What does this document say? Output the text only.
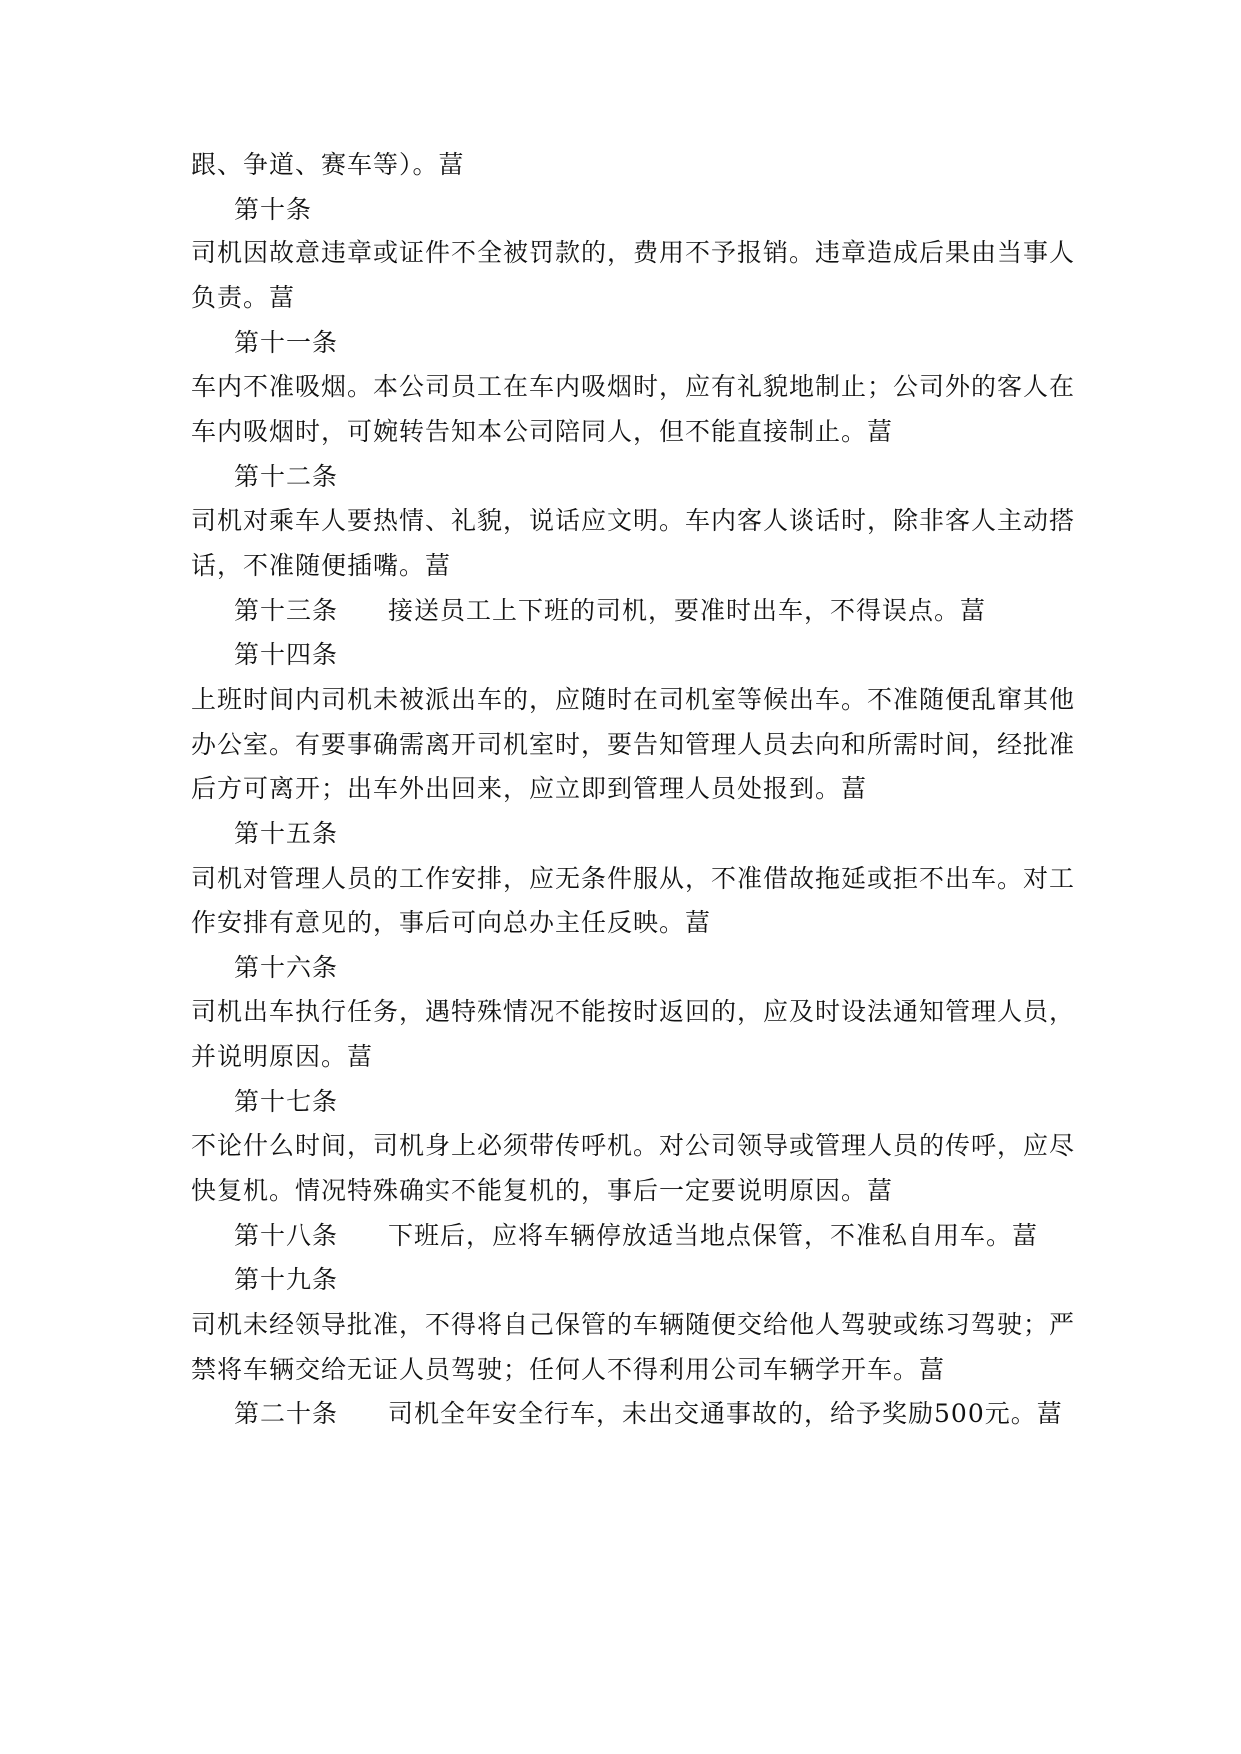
跟、争道、赛车等）。葍
第十条
司机因故意违章或证件不全被罚款的，费用不予报销。违章造成后果由当事人
负责。葍
第十一条
车内不准吸烟。本公司员工在车内吸烟时，应有礼貌地制止；公司外的客人在
车内吸烟时，可婉转告知本公司陪同人，但不能直接制止。葍
第十二条
司机对乘车人要热情、礼貌，说话应文明。车内客人谈话时，除非客人主动搭
话，不准随便插嘴。葍
第十三条 接送员工上下班的司机，要准时出车，不得误点。葍
第十四条
上班时间内司机未被派出车的，应随时在司机室等候出车。不准随便乱窜其他
办公室。有要事确需离开司机室时，要告知管理人员去向和所需时间，经批准
后方可离开；出车外出回来，应立即到管理人员处报到。葍
第十五条
司机对管理人员的工作安排，应无条件服从，不准借故拖延或拒不出车。对工
作安排有意见的，事后可向总办主任反映。葍
第十六条
司机出车执行任务，遇特殊情况不能按时返回的，应及时设法通知管理人员，
并说明原因。葍
第十七条
不论什么时间，司机身上必须带传呼机。对公司领导或管理人员的传呼，应尽
快复机。情况特殊确实不能复机的，事后一定要说明原因。葍
第十八条 下班后，应将车辆停放适当地点保管，不准私自用车。葍
第十九条
司机未经领导批准，不得将自己保管的车辆随便交给他人驾驶或练习驾驶；严
禁将车辆交给无证人员驾驶；任何人不得利用公司车辆学开车。葍
第二十条 司机全年安全行车，未出交通事故的，给予奖励500元。葍
